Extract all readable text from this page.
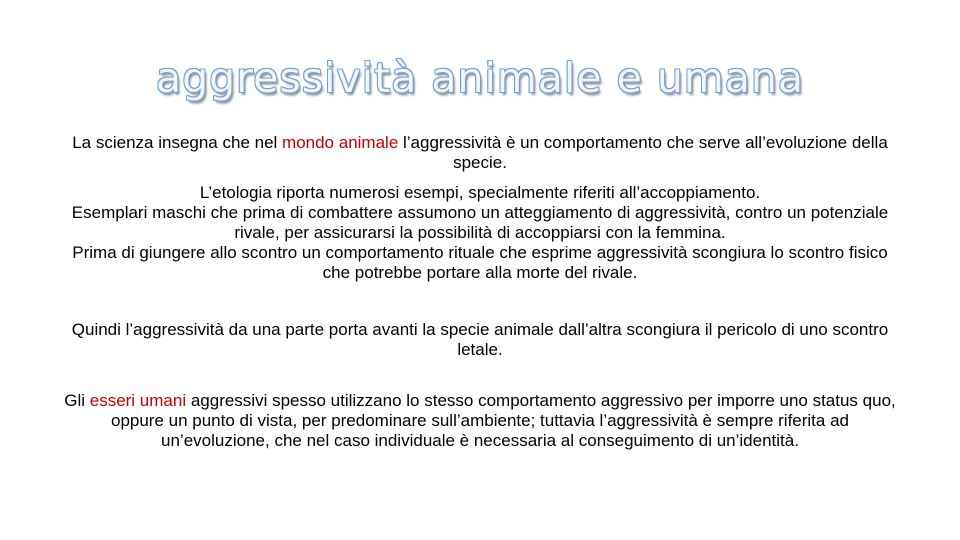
aggressività animale e umana

La scienza insegna che nel mondo animale l’aggressività è un comportamento che serve all’evoluzione della specie.

L’etologia riporta numerosi esempi, specialmente riferiti all’accoppiamento.
Esemplari maschi che prima di combattere assumono un atteggiamento di aggressività, contro un potenziale rivale, per assicurarsi la possibilità di accoppiarsi con la femmina.
Prima di giungere allo scontro un comportamento rituale che esprime aggressività scongiura lo scontro fisico che potrebbe portare alla morte del rivale.

Quindi l’aggressività da una parte porta avanti la specie animale dall’altra scongiura il pericolo di uno scontro letale.

Gli esseri umani aggressivi spesso utilizzano lo stesso comportamento aggressivo per imporre uno status quo, oppure un punto di vista, per predominare sull’ambiente; tuttavia l’aggressività è sempre riferita ad un’evoluzione, che nel caso individuale è necessaria al conseguimento di un’identità.
